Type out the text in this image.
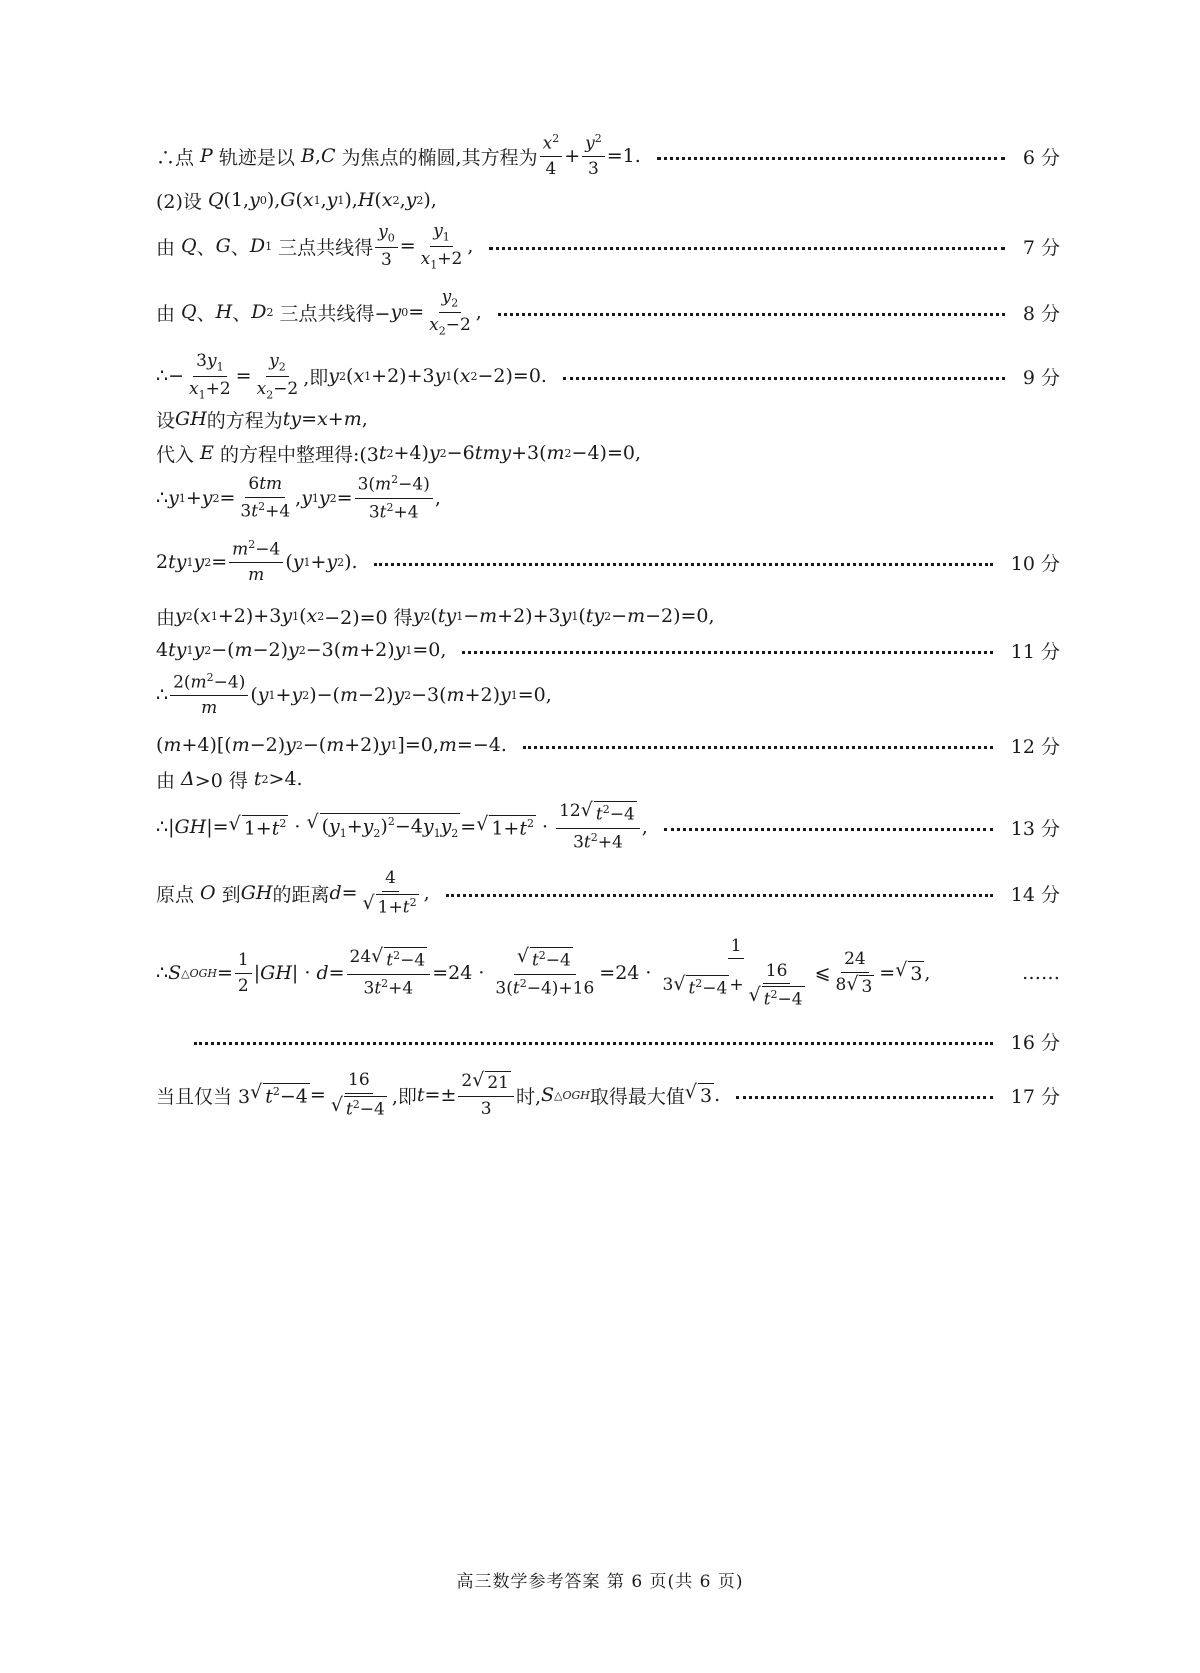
∴点 P 轨迹是以 B , C 为焦点的椭圆,其方程为 $\frac{x^2}{4} + \frac{y^2}{3} =1$.	6 分
(2)设 Q (1, y 0 ), G ( x 1 , y 1 ), H ( x 2 , y 2 ),
由 Q 、 G 、 D 1 三点共线得 $\frac{y_0}{3} = \frac{y_1}{x_1+2}$ ,	7 分
由 Q 、 H 、 D 2 三点共线得− y $0 = \frac{y_2}{x_2-2}$ ,	8 分
∴− $\frac{3y_1}{x_1+2} = \frac{y_2}{x_2-2}$ ,即 y 2 ( x 1 +2)+3 y 1 ( x 2 −2)=0.	9 分
设 GH 的方程为 ty = x + m ,
代入 E 的方程中整理得:(3 t 2 +4) y 2 −6 tmy +3( m 2 −4)=0,
∴ y 1 + y $2 = \frac{6tm}{3t^2+4}$ , y 1 y $2 = \frac{3(m^2-4)}{3t^2+4}$ ,
2 ty 1 y $2 = \frac{m^2-4}{m}$ ( y 1 + y 2 ).	10 分
由 y 2 ( x 1 +2)+3 y 1 ( x 2 −2)=0 得 y 2 ( ty 1 − m +2)+3 y 1 ( ty 2 − m −2)=0,
4 ty 1 y 2 −( m −2) y 2 −3( m +2) y 1 =0,	11 分
∴ $\frac{2(m^2-4)}{m}$ ( y 1 + y 2 )−( m −2) y 2 −3( m +2) y 1 =0,
( m +4)[( m −2) y 2 −( m +2) y 1 ]=0, m =−4.	12 分
由 Δ >0 得 t 2 >4.
∴| GH |= √ $1+t^2$ · √ $(y_1+y_2)^2-4y_1y_2$ = √ $1+t^2 \cdot \frac{12 √ t^2-4}{3t^2+4}$ ,	13 分
原点 O 到 GH 的距离 $d = \frac{4}{√ 1+t^2}$ ,	14 分
∴ S △OGH = $\frac{1}{2}$ | GH | · $d = \frac{24 √ t^2-4}{3t^2+4} =24 \cdot \frac{√ t^2-4}{3(t^2-4)+16} =24 \cdot \frac{1}{3 √ t^2-4 + \frac{16}{√ t^2-4}}$ ⩽ $\frac{24}{8 √ 3}$ = √ 3 ,	……
16 分
当且仅当 3 √ $t^2-4 = \frac{16}{√ t^2-4}$ ,即 $t =\pm \frac{2 √ 21}{3}$ 时, S △OGH 取得最大值 √ 3 .	17 分
高三数学参考答案 第 6 页(共 6 页)
